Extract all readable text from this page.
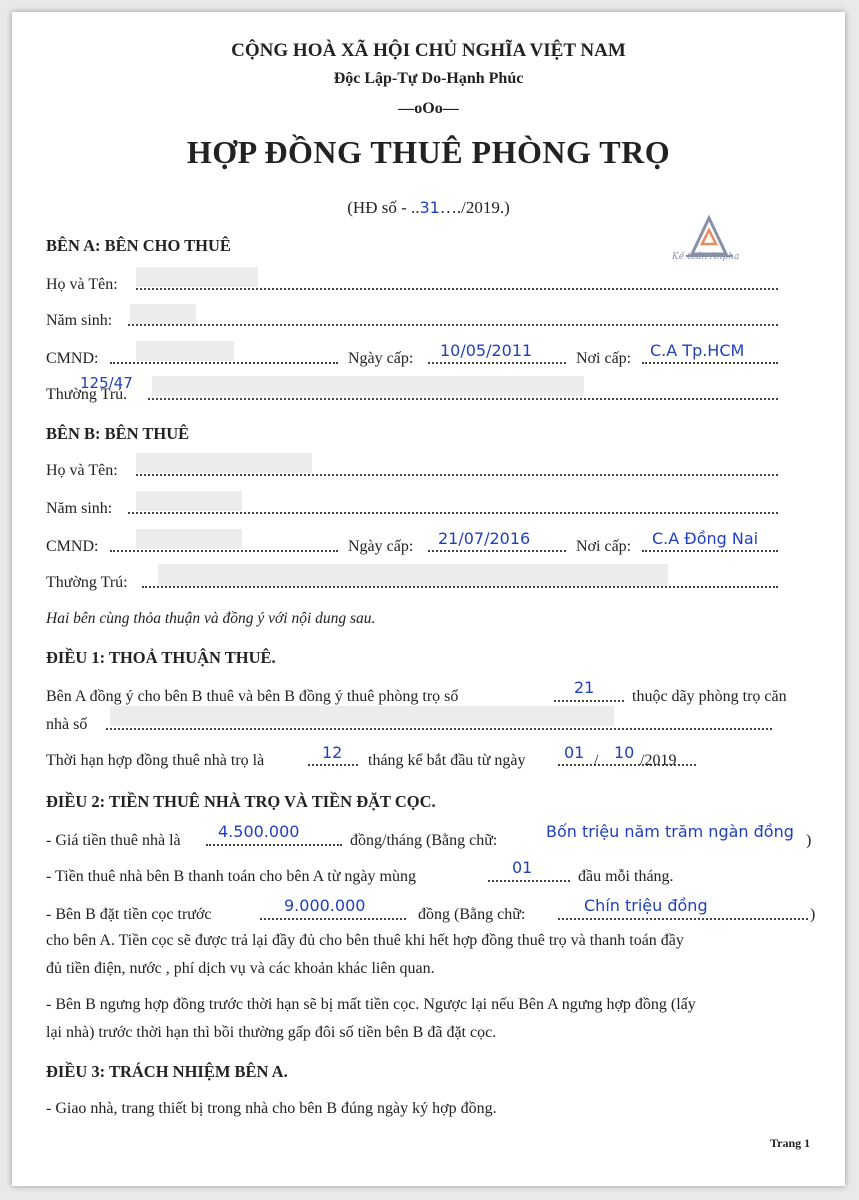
CỘNG HOÀ XÃ HỘI CHỦ NGHĨA VIỆT NAM
Độc Lập-Tự Do-Hạnh Phúc
—oOo—
HỢP ĐỒNG THUÊ PHÒNG TRỌ
(HĐ số - ..31…./2019.)
Kế toán Anpha
BÊN A: BÊN CHO THUÊ
Họ và Tên:
Năm sinh:
CMND:	Ngày cấp: 10/05/2011	Nơi cấp: C.A Tp.HCM
Thường Trú.
125/47
BÊN B: BÊN THUÊ
Họ và Tên:
Năm sinh:
CMND:	Ngày cấp: 21/07/2016	Nơi cấp: C.A Đồng Nai
Thường Trú:
Hai bên cùng thỏa thuận và đồng ý với nội dung sau.
ĐIỀU 1: THOẢ THUẬN THUÊ.
Bên A đồng ý cho bên B thuê và bên B đồng ý thuê phòng trọ số	21 thuộc dãy phòng trọ căn
nhà số
Thời hạn hợp đồng thuê nhà trọ là	12 tháng kể bắt đầu từ ngày 01 / 10 /2019
ĐIỀU 2: TIỀN THUÊ NHÀ TRỌ VÀ TIỀN ĐẶT CỌC.
- Giá tiền thuê nhà là 4.500.000	đồng/tháng (Bằng chữ:	Bốn triệu năm trăm ngàn đồng )
- Tiền thuê nhà bên B thanh toán cho bên A từ ngày mùng	01	đầu mỗi tháng.
- Bên B đặt tiền cọc trước	9.000.000	đồng (Bằng chữ:	Chín triệu đồng	)
cho bên A. Tiền cọc sẽ được trả lại đầy đủ cho bên thuê khi hết hợp đồng thuê trọ và thanh toán đầy
đủ tiền điện, nước , phí dịch vụ và các khoản khác liên quan.
- Bên B ngưng hợp đồng trước thời hạn sẽ bị mất tiền cọc. Ngược lại nếu Bên A ngưng hợp đồng (lấy
lại nhà) trước thời hạn thì bồi thường gấp đôi số tiền bên B đã đặt cọc.
ĐIỀU 3: TRÁCH NHIỆM BÊN A.
- Giao nhà, trang thiết bị trong nhà cho bên B đúng ngày ký hợp đồng.
Trang 1
